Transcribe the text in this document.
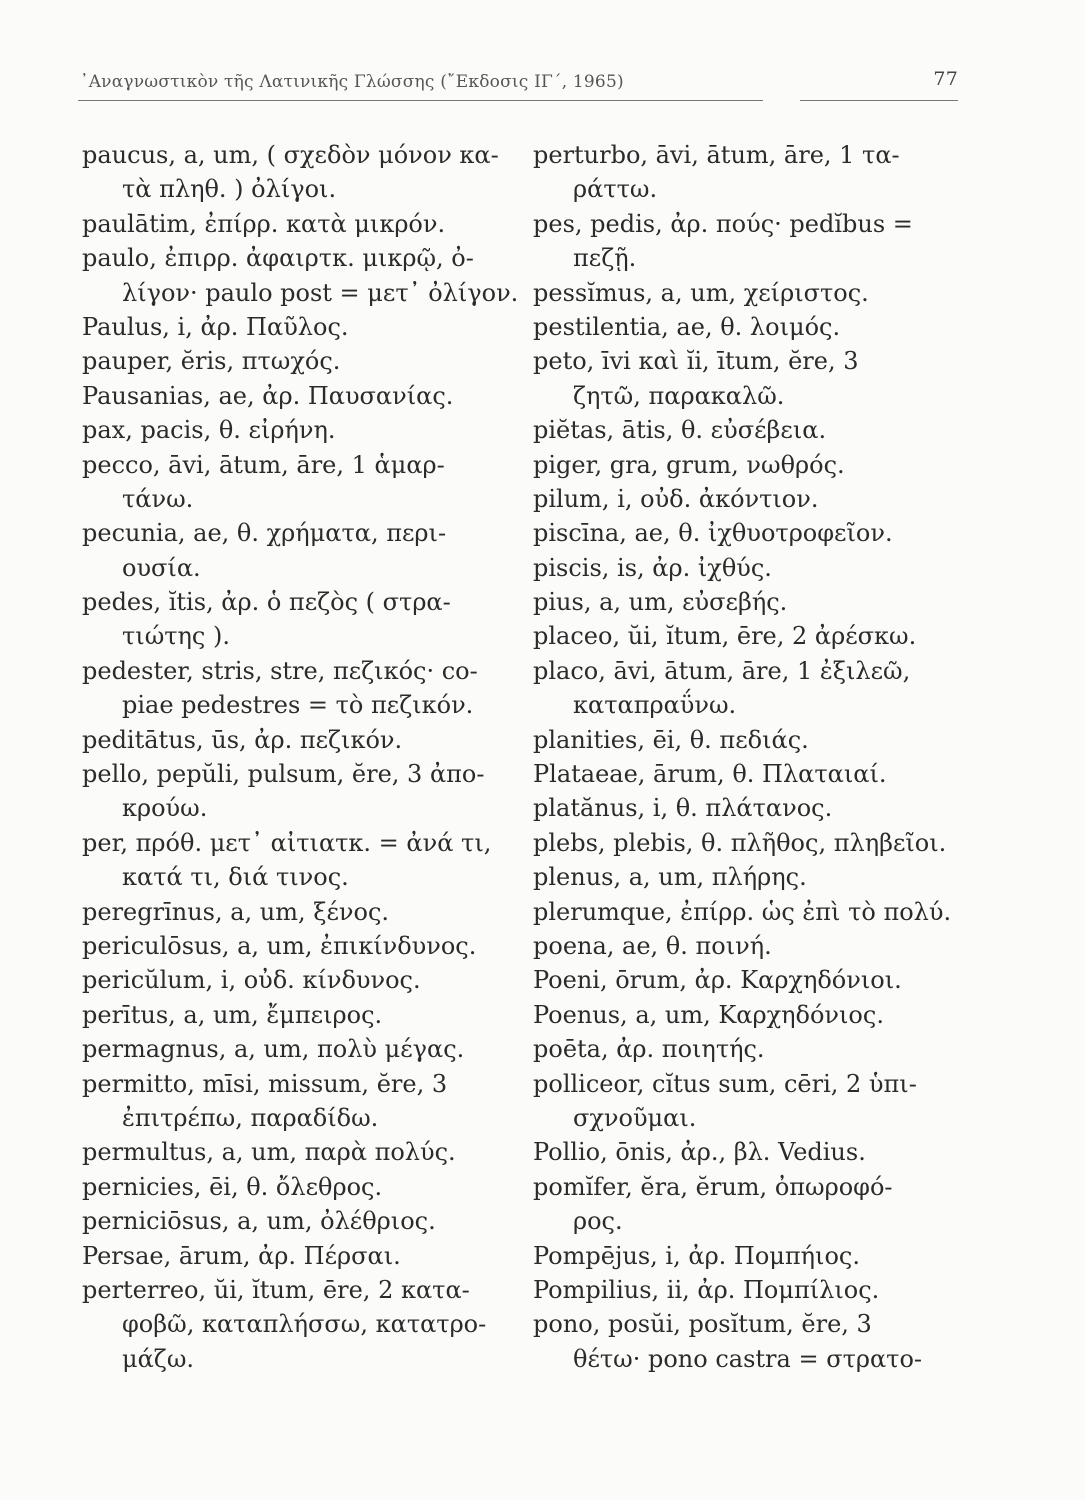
᾿Αναγνωστικὸν τῆς Λατινικῆς Γλώσσης (῎Εκδοσις ΙΓ΄, 1965)	77
paucus, a, um, ( σχεδὸν μόνον κα-
τὰ πληθ. ) ὀλίγοι.
paulātim, ἐπίρρ. κατὰ μικρόν.
paulo, ἐπιρρ. ἀφαιρτκ. μικρῷ, ὀ-
λίγον· paulo post = μετ᾿ ὀλίγον.
Paulus, i, ἀρ. Παῦλος.
pauper, ĕris, πτωχός.
Pausanias, ae, ἀρ. Παυσανίας.
pax, pacis, θ. εἰρήνη.
pecco, āvi, ātum, āre, 1 ἁμαρ-
τάνω.
pecunia, ae, θ. χρήματα, περι-
ουσία.
pedes, ĭtis, ἀρ. ὁ πεζὸς ( στρα-
τιώτης ).
pedester, stris, stre, πεζικός· co-
piae pedestres = τὸ πεζικόν.
peditātus, ūs, ἀρ. πεζικόν.
pello, pepŭli, pulsum, ĕre, 3 ἀπο-
κρούω.
per, πρόθ. μετ᾿ αἰτιατκ. = ἀνά τι,
κατά τι, διά τινος.
peregrīnus, a, um, ξένος.
periculōsus, a, um, ἐπικίνδυνος.
pericŭlum, i, οὐδ. κίνδυνος.
perītus, a, um, ἔμπειρος.
permagnus, a, um, πολὺ μέγας.
permitto, mīsi, missum, ĕre, 3
ἐπιτρέπω, παραδίδω.
permultus, a, um, παρὰ πολύς.
pernicies, ēi, θ. ὄλεθρος.
perniciōsus, a, um, ὀλέθριος.
Persae, ārum, ἀρ. Πέρσαι.
perterreo, ŭi, ĭtum, ēre, 2 κατα-
φοβῶ, καταπλήσσω, κατατρο-
μάζω.
perturbo, āvi, ātum, āre, 1 τα-
ράττω.
pes, pedis, ἀρ. πούς· pedĭbus =
πεζῇ.
pessĭmus, a, um, χείριστος.
pestilentia, ae, θ. λοιμός.
peto, īvi καὶ ĭi, ītum, ĕre, 3
ζητῶ, παρακαλῶ.
piĕtas, ātis, θ. εὐσέβεια.
piger, gra, grum, νωθρός.
pilum, i, οὐδ. ἀκόντιον.
piscīna, ae, θ. ἰχθυοτροφεῖον.
piscis, is, ἀρ. ἰχθύς.
pius, a, um, εὐσεβής.
placeo, ŭi, ĭtum, ēre, 2 ἀρέσκω.
placo, āvi, ātum, āre, 1 ἐξιλεῶ,
καταπραΰνω.
planities, ēi, θ. πεδιάς.
Plataeae, ārum, θ. Πλαταιαί.
platănus, i, θ. πλάτανος.
plebs, plebis, θ. πλῆθος, πληβεῖοι.
plenus, a, um, πλήρης.
plerumque, ἐπίρρ. ὡς ἐπὶ τὸ πολύ.
poena, ae, θ. ποινή.
Poeni, ōrum, ἀρ. Καρχηδόνιοι.
Poenus, a, um, Καρχηδόνιος.
poēta, ἀρ. ποιητής.
polliceor, cĭtus sum, cēri, 2 ὑπι-
σχνοῦμαι.
Pollio, ōnis, ἀρ., βλ. Vedius.
pomĭfer, ĕra, ĕrum, ὀπωροφό-
ρος.
Pompējus, i, ἀρ. Πομπήιος.
Pompilius, ii, ἀρ. Πομπίλιος.
pono, posŭi, posĭtum, ĕre, 3
θέτω· pono castra = στρατο-
